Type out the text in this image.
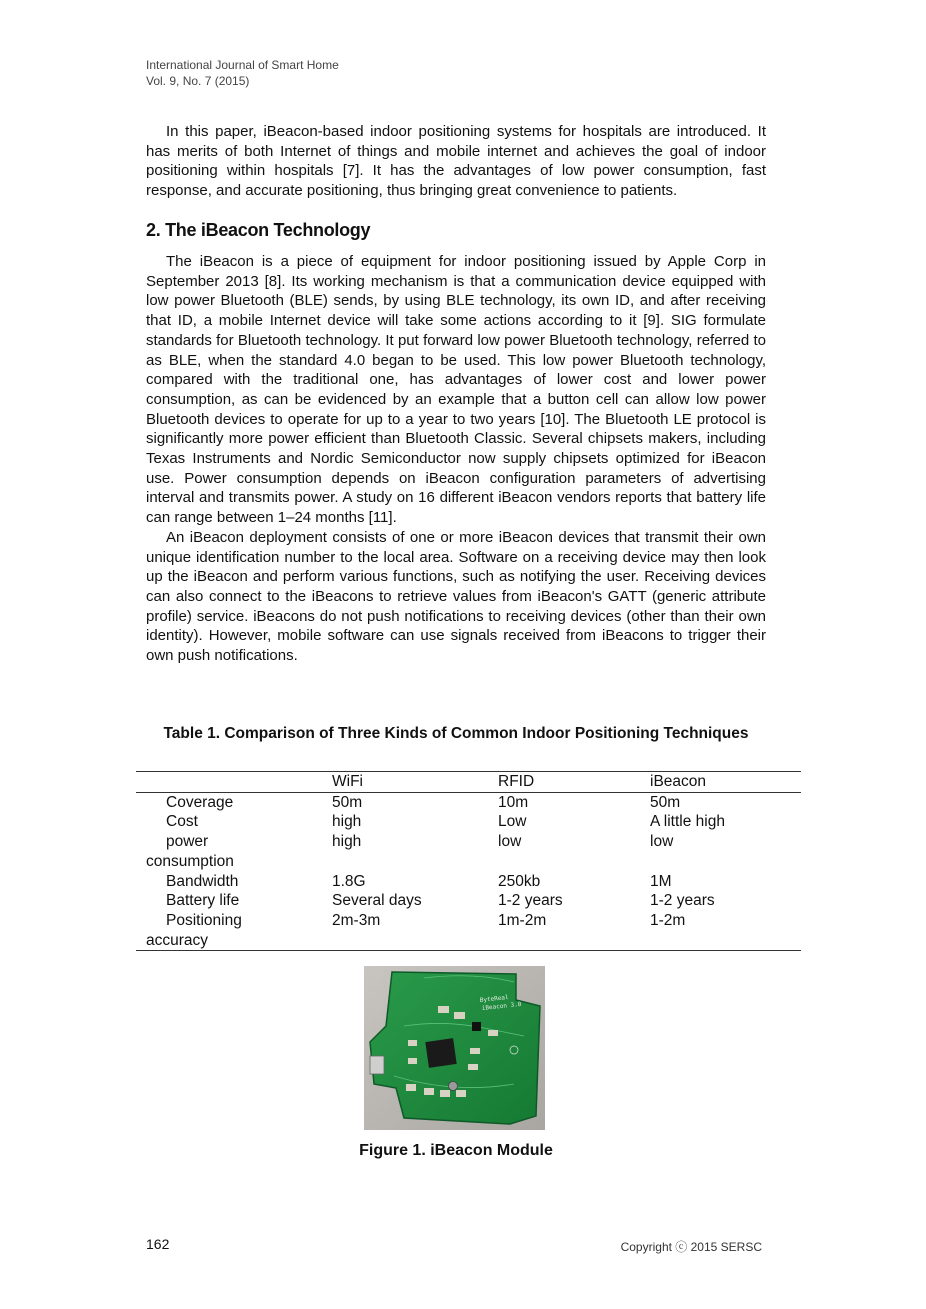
International Journal of Smart Home
Vol. 9, No. 7 (2015)

In this paper, iBeacon-based indoor positioning systems for hospitals are introduced. It has merits of both Internet of things and mobile internet and achieves the goal of indoor positioning within hospitals [7]. It has the advantages of low power consumption, fast response, and accurate positioning, thus bringing great convenience to patients.

2. The iBeacon Technology

The iBeacon is a piece of equipment for indoor positioning issued by Apple Corp in September 2013 [8]. Its working mechanism is that a communication device equipped with low power Bluetooth (BLE) sends, by using BLE technology, its own ID, and after receiving that ID, a mobile Internet device will take some actions according to it [9]. SIG formulate standards for Bluetooth technology. It put forward low power Bluetooth technology, referred to as BLE, when the standard 4.0 began to be used. This low power Bluetooth technology, compared with the traditional one, has advantages of lower cost and lower power consumption, as can be evidenced by an example that a button cell can allow low power Bluetooth devices to operate for up to a year to two years [10]. The Bluetooth LE protocol is significantly more power efficient than Bluetooth Classic. Several chipsets makers, including Texas Instruments and Nordic Semiconductor now supply chipsets optimized for iBeacon use. Power consumption depends on iBeacon configuration parameters of advertising interval and transmits power. A study on 16 different iBeacon vendors reports that battery life can range between 1–24 months [11].

An iBeacon deployment consists of one or more iBeacon devices that transmit their own unique identification number to the local area. Software on a receiving device may then look up the iBeacon and perform various functions, such as notifying the user. Receiving devices can also connect to the iBeacons to retrieve values from iBeacon's GATT (generic attribute profile) service. iBeacons do not push notifications to receiving devices (other than their own identity). However, mobile software can use signals received from iBeacons to trigger their own push notifications.

Table 1. Comparison of Three Kinds of Common Indoor Positioning Techniques
	WiFi	RFID	iBeacon
Coverage	50m	10m	50m
Cost	high	Low	A little high
power
consumption	high	low	low
Bandwidth	1.8G	250kb	1M
Battery life	Several days	1-2 years	1-2 years
Positioning
accuracy	2m-3m	1m-2m	1-2m
ByteReal
iBeacon 3.0
Figure 1. iBeacon Module
162	Copyright ⓒ 2015 SERSC
